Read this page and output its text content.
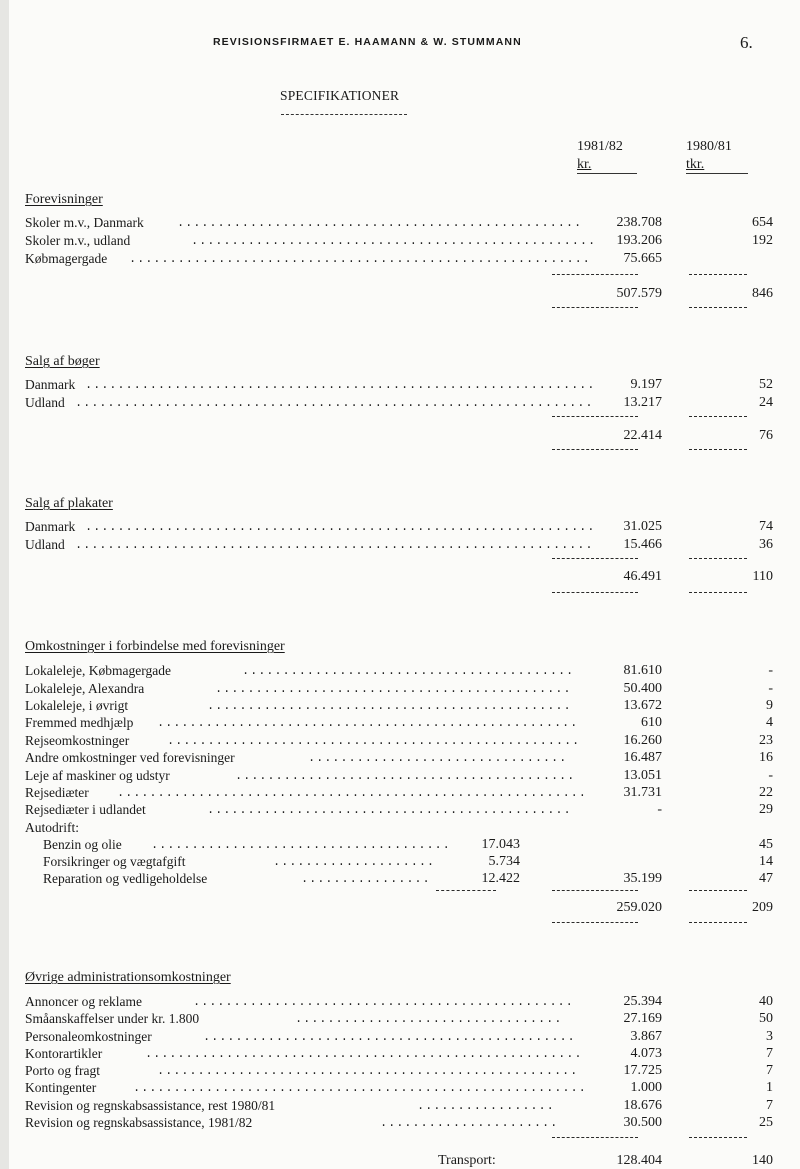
REVISIONSFIRMAET E. HAAMANN & W. STUMMANN	6.
SPECIFIKATIONER
1981/82
kr.
1980/81
tkr.
Forevisninger
Skoler m.v., Danmark	..................................................	238.708	654
Skoler m.v., udland	..................................................	193.206	192
Købmagergade .........................................................	75.665
507.579	846
Salg af bøger
Danmark ...............................................................	9.197	52
Udland ................................................................	13.217	24
22.414	76
Salg af plakater
Danmark ...............................................................	31.025	74
Udland ................................................................	15.466	36
46.491	110
Omkostninger i forbindelse med forevisninger
Lokaleleje, Købmagergade	.........................................	81.610	-
Lokaleleje, Alexandra	............................................	50.400	-
Lokaleleje, i øvrigt	.............................................	13.672	9
Fremmed medhjælp ....................................................	610	4
Rejseomkostninger	...................................................	16.260	23
Andre omkostninger ved forevisninger	................................	16.487	16
Leje af maskiner og udstyr	..........................................	13.051	-
Rejsediæter ..........................................................	31.731	22
Rejsediæter i udlandet	.............................................	-	29
Autodrift:
Benzin og olie .....................................	17.043	45
Forsikringer og vægtafgift	....................	5.734	14
Reparation og vedligeholdelse	................	12.422	35.199	47
259.020	209
Øvrige administrationsomkostninger
Annoncer og reklame	...............................................	25.394	40
Småanskaffelser under kr. 1.800	.................................	27.169	50
Personaleomkostninger	..............................................	3.867	3
Kontorartikler	......................................................	4.073	7
Porto og fragt	....................................................	17.725	7
Kontingenter	........................................................	1.000	1
Revision og regnskabsassistance, rest 1980/81	.................	18.676	7
Revision og regnskabsassistance, 1981/82	......................	30.500	25
Transport:	128.404	140
